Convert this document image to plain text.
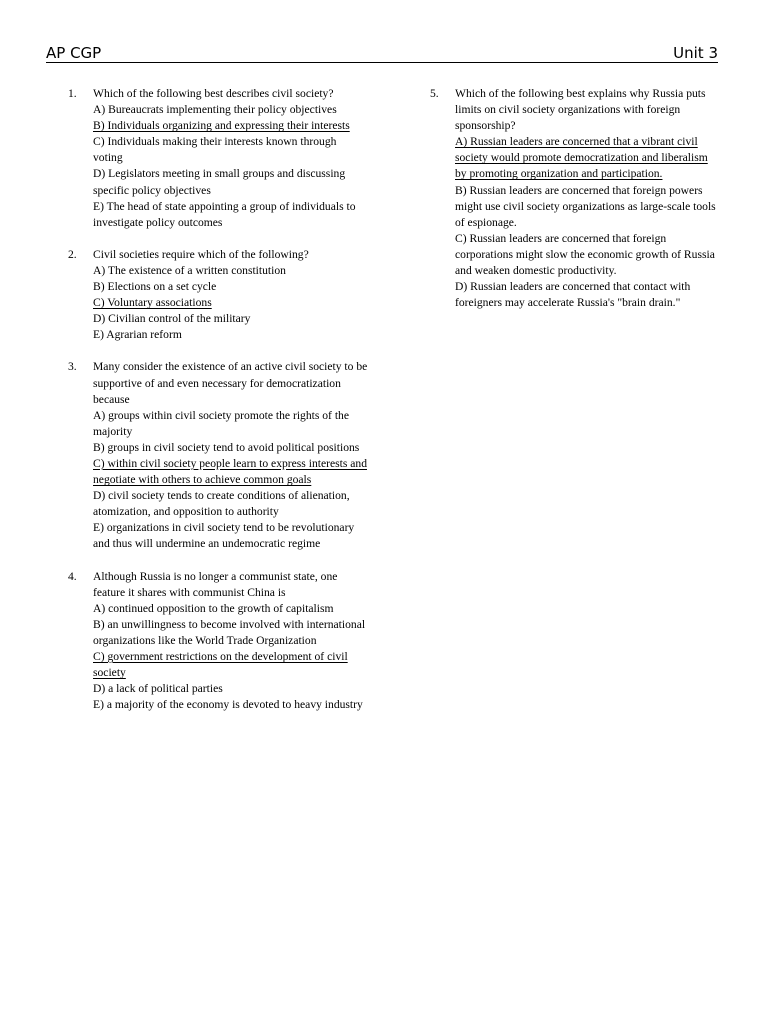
AP CGP	Unit 3
1.	Which of the following best describes civil society?
A) Bureaucrats implementing their policy objectives
B) Individuals organizing and expressing their interests
C) Individuals making their interests known through voting
D) Legislators meeting in small groups and discussing specific policy objectives
E) The head of state appointing a group of individuals to investigate policy outcomes
2.	Civil societies require which of the following?
A) The existence of a written constitution
B) Elections on a set cycle
C) Voluntary associations
D) Civilian control of the military
E) Agrarian reform
3.	Many consider the existence of an active civil society to be supportive of and even necessary for democratization because
A) groups within civil society promote the rights of the majority
B) groups in civil society tend to avoid political positions
C) within civil society people learn to express interests and negotiate with others to achieve common goals
D) civil society tends to create conditions of alienation, atomization, and opposition to authority
E) organizations in civil society tend to be revolutionary and thus will undermine an undemocratic regime
4.	Although Russia is no longer a communist state, one feature it shares with communist China is
A) continued opposition to the growth of capitalism
B) an unwillingness to become involved with international organizations like the World Trade Organization
C) government restrictions on the development of civil society
D) a lack of political parties
E) a majority of the economy is devoted to heavy industry
5.	Which of the following best explains why Russia puts limits on civil society organizations with foreign sponsorship?
A) Russian leaders are concerned that a vibrant civil society would promote democratization and liberalism by promoting organization and participation.
B) Russian leaders are concerned that foreign powers might use civil society organizations as large-scale tools of espionage.
C) Russian leaders are concerned that foreign corporations might slow the economic growth of Russia and weaken domestic productivity.
D) Russian leaders are concerned that contact with foreigners may accelerate Russia's "brain drain."
